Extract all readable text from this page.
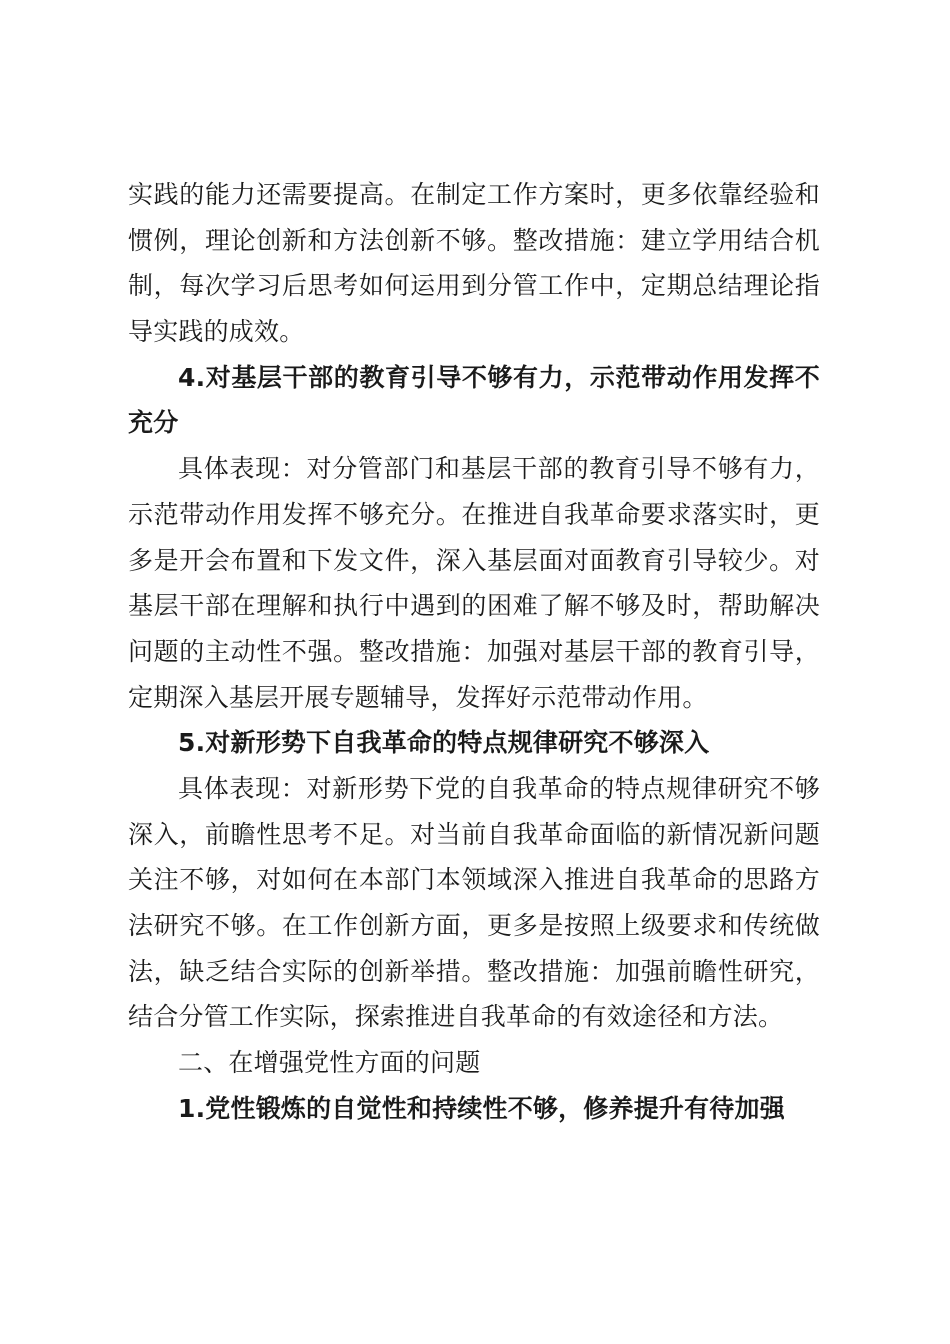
实践的能力还需要提高。在制定工作方案时，更多依靠经验和
惯例，理论创新和方法创新不够。整改措施：建立学用结合机
制，每次学习后思考如何运用到分管工作中，定期总结理论指
导实践的成效。
4.对基层干部的教育引导不够有力，示范带动作用发挥不
充分
具体表现：对分管部门和基层干部的教育引导不够有力，
示范带动作用发挥不够充分。在推进自我革命要求落实时，更
多是开会布置和下发文件，深入基层面对面教育引导较少。对
基层干部在理解和执行中遇到的困难了解不够及时，帮助解决
问题的主动性不强。整改措施：加强对基层干部的教育引导，
定期深入基层开展专题辅导，发挥好示范带动作用。
5.对新形势下自我革命的特点规律研究不够深入
具体表现：对新形势下党的自我革命的特点规律研究不够
深入，前瞻性思考不足。对当前自我革命面临的新情况新问题
关注不够，对如何在本部门本领域深入推进自我革命的思路方
法研究不够。在工作创新方面，更多是按照上级要求和传统做
法，缺乏结合实际的创新举措。整改措施：加强前瞻性研究，
结合分管工作实际，探索推进自我革命的有效途径和方法。
二、在增强党性方面的问题
1.党性锻炼的自觉性和持续性不够，修养提升有待加强
